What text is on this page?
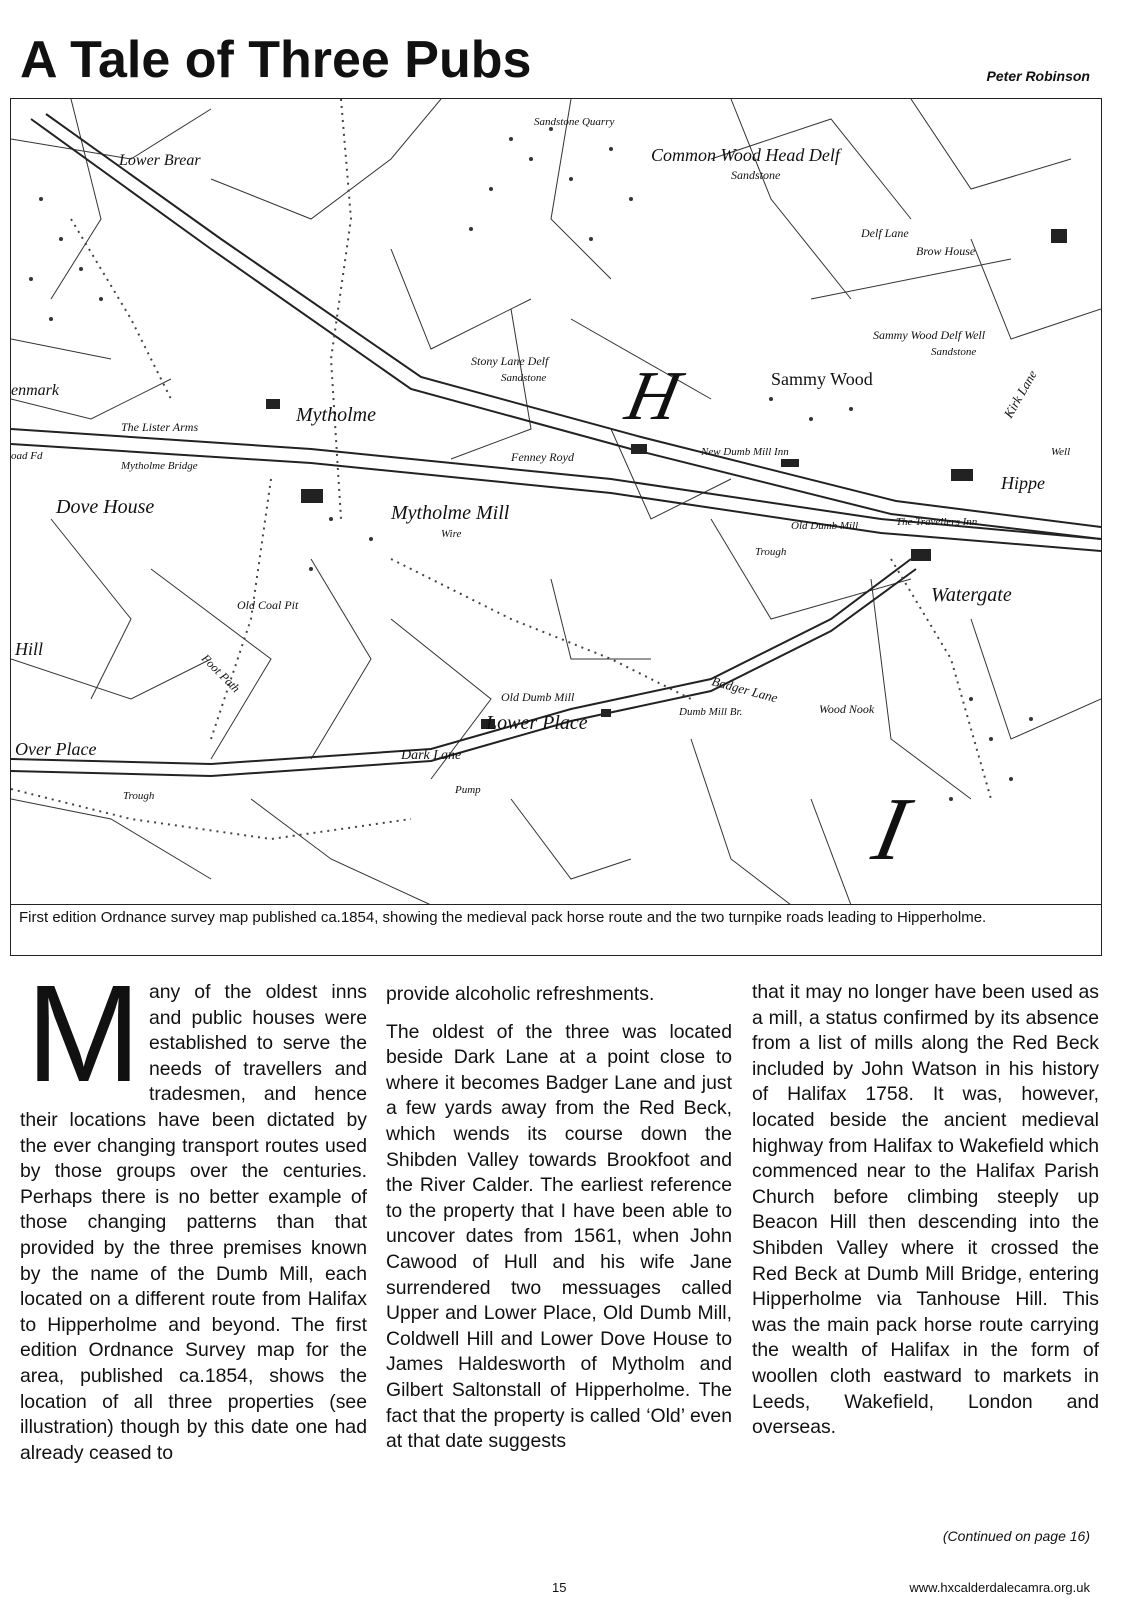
A Tale of Three Pubs	Peter Robinson
H
I
Lower Brear
Sandstone Quarry
Common Wood Head Delf
Sandstone
Delf Lane
Brow House
Stony Lane Delf
Sandstone
Sammy Wood Delf Well
Sandstone
Sammy Wood	Kirk Lane
The Lister Arms
Mytholme
Fenney Royd	New Dumb Mill Inn	Well
Hippe
Mytholme Bridge
Dove House	Mytholme Mill
Wire
Old Dumb Mill	The Travellers Inn
Trough
Watergate
Old Coal Pit
Foot Path
Hill
Old Dumb Mill	Badger Lane
Lower Place	Dumb Mill Br.	Wood Nook
Over Place	Dark Lane
Pump
Trough
enmark
oad Fd
First edition Ordnance survey map published ca.1854, showing the medieval pack horse route and the two turnpike roads leading to Hipperholme.
M any of the oldest inns and public houses were established to serve the needs of travellers and tradesmen, and hence their locations have been dictated by the ever changing transport routes used by those groups over the centuries. Perhaps there is no better example of those changing patterns than that provided by the three premises known by the name of the Dumb Mill, each located on a different route from Halifax to Hipperholme and beyond. The first edition Ordnance Survey map for the area, published ca.1854, shows the location of all three properties (see illustration) though by this date one had already ceased to

provide alcoholic refreshments.

The oldest of the three was located beside Dark Lane at a point close to where it becomes Badger Lane and just a few yards away from the Red Beck, which wends its course down the Shibden Valley towards Brookfoot and the River Calder. The earliest reference to the property that I have been able to uncover dates from 1561, when John Cawood of Hull and his wife Jane surrendered two messuages called Upper and Lower Place, Old Dumb Mill, Coldwell Hill and Lower Dove House to James Haldesworth of Mytholm and Gilbert Saltonstall of Hipperholme. The fact that the property is called ‘Old’ even at that date suggests

that it may no longer have been used as a mill, a status confirmed by its absence from a list of mills along the Red Beck included by John Watson in his history of Halifax 1758. It was, however, located beside the ancient medieval highway from Halifax to Wakefield which commenced near to the Halifax Parish Church before climbing steeply up Beacon Hill then descending into the Shibden Valley where it crossed the Red Beck at Dumb Mill Bridge, entering Hipperholme via Tanhouse Hill. This was the main pack horse route carrying the wealth of Halifax in the form of woollen cloth eastward to markets in Leeds, Wakefield, London and overseas.
(Continued on page 16)
15	www.hxcalderdalecamra.org.uk
